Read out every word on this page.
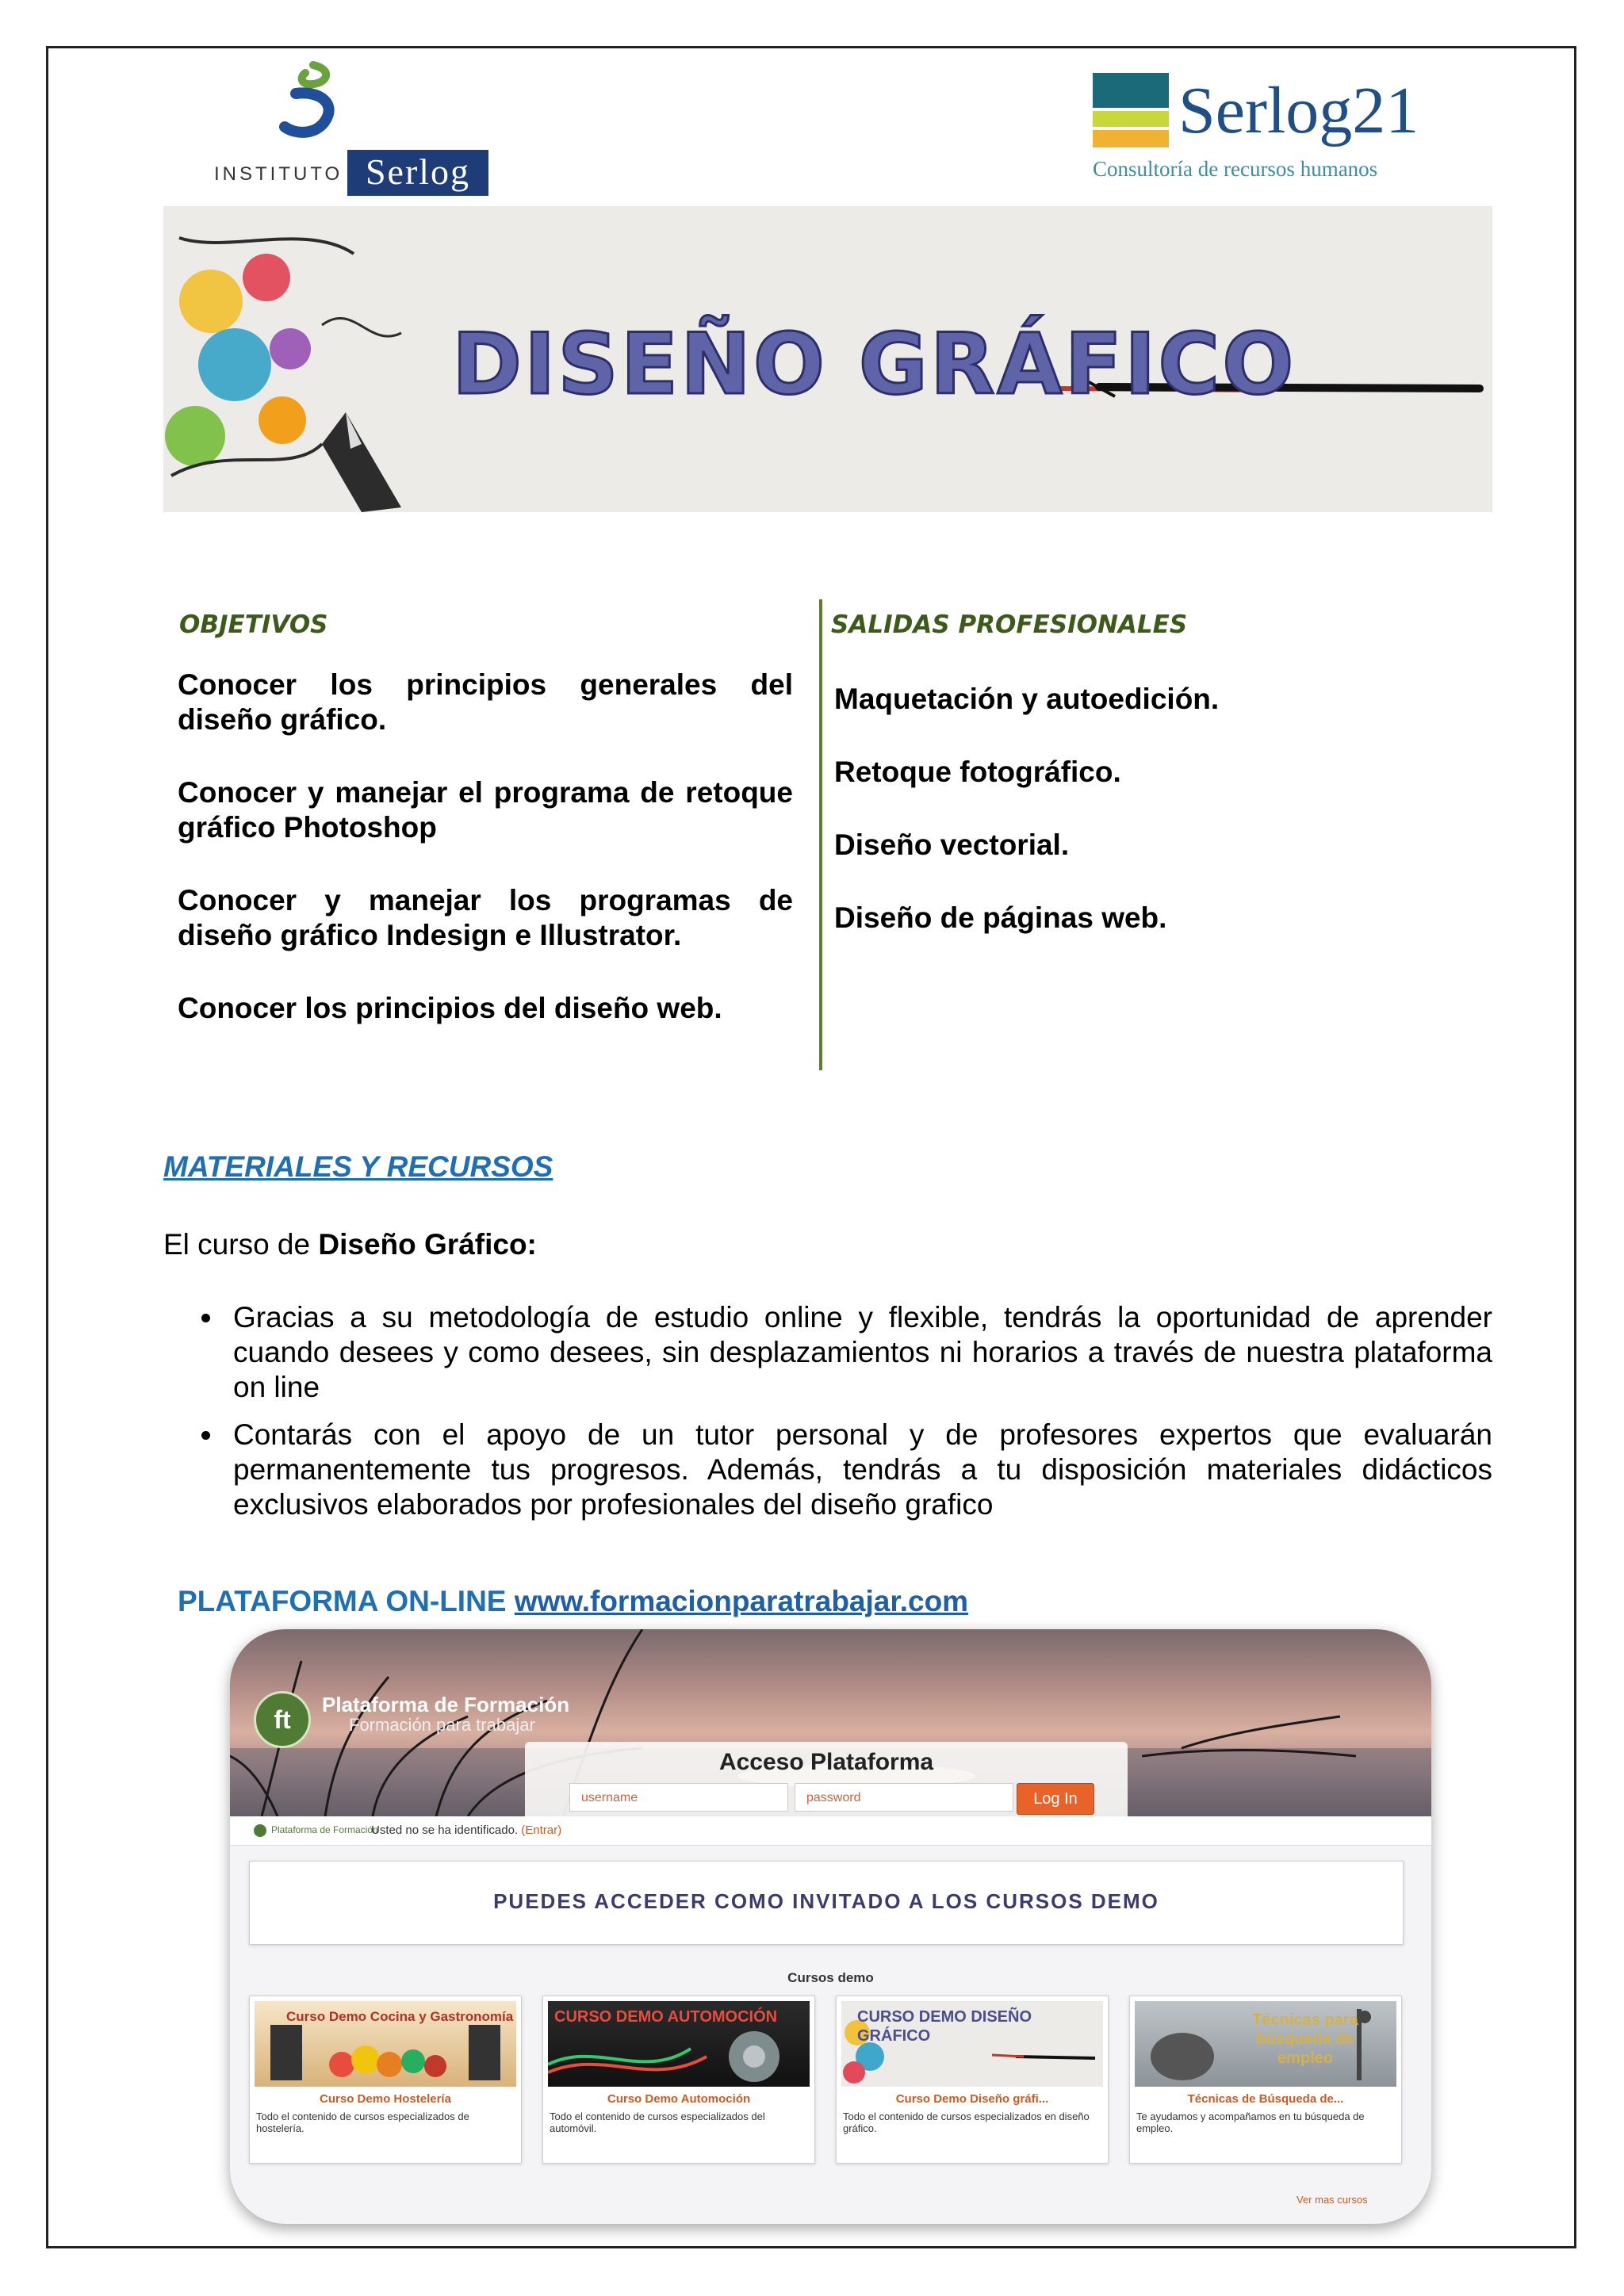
INSTITUTO Serlog
Serlog21
Consultoría de recursos humanos
DISEÑO GRÁFICO
OBJETIVOS
Conocer los principios generales del diseño gráfico.
Conocer y manejar el programa de retoque gráfico Photoshop
Conocer y manejar los programas de diseño gráfico Indesign e Illustrator.
Conocer los principios del diseño web.
SALIDAS PROFESIONALES
Maquetación y autoedición.
Retoque fotográfico.
Diseño vectorial.
Diseño de páginas web.
MATERIALES Y RECURSOS
El curso de Diseño Gráfico:
Gracias a su metodología de estudio online y flexible, tendrás la oportunidad de aprender cuando desees y como desees, sin desplazamientos ni horarios a través de nuestra plataforma on line
Contarás con el apoyo de un tutor personal y de profesores expertos que evaluarán permanentemente tus progresos. Además, tendrás a tu disposición materiales didácticos exclusivos elaborados por profesionales del diseño grafico
PLATAFORMA ON-LINE www.formacionparatrabajar.com
ft
Plataforma de Formación
Formación para trabajar
Acceso Plataforma
username	password	Log In
Plataforma de Formación
Usted no se ha identificado. (Entrar)
PUEDES ACCEDER COMO INVITADO A LOS CURSOS DEMO
Cursos demo
Curso Demo Cocina y Gastronomía
Curso Demo Hostelería
Todo el contenido de cursos especializados de hostelería.
CURSO DEMO AUTOMOCIÓN
Curso Demo Automoción
Todo el contenido de cursos especializados del automóvil.
CURSO DEMO DISEÑO GRÁFICO
Curso Demo Diseño gráfi...
Todo el contenido de cursos especializados en diseño gráfico.
Técnicas para búsqueda de empleo
Técnicas de Búsqueda de...
Te ayudamos y acompañamos en tu búsqueda de empleo.
Ver mas cursos
